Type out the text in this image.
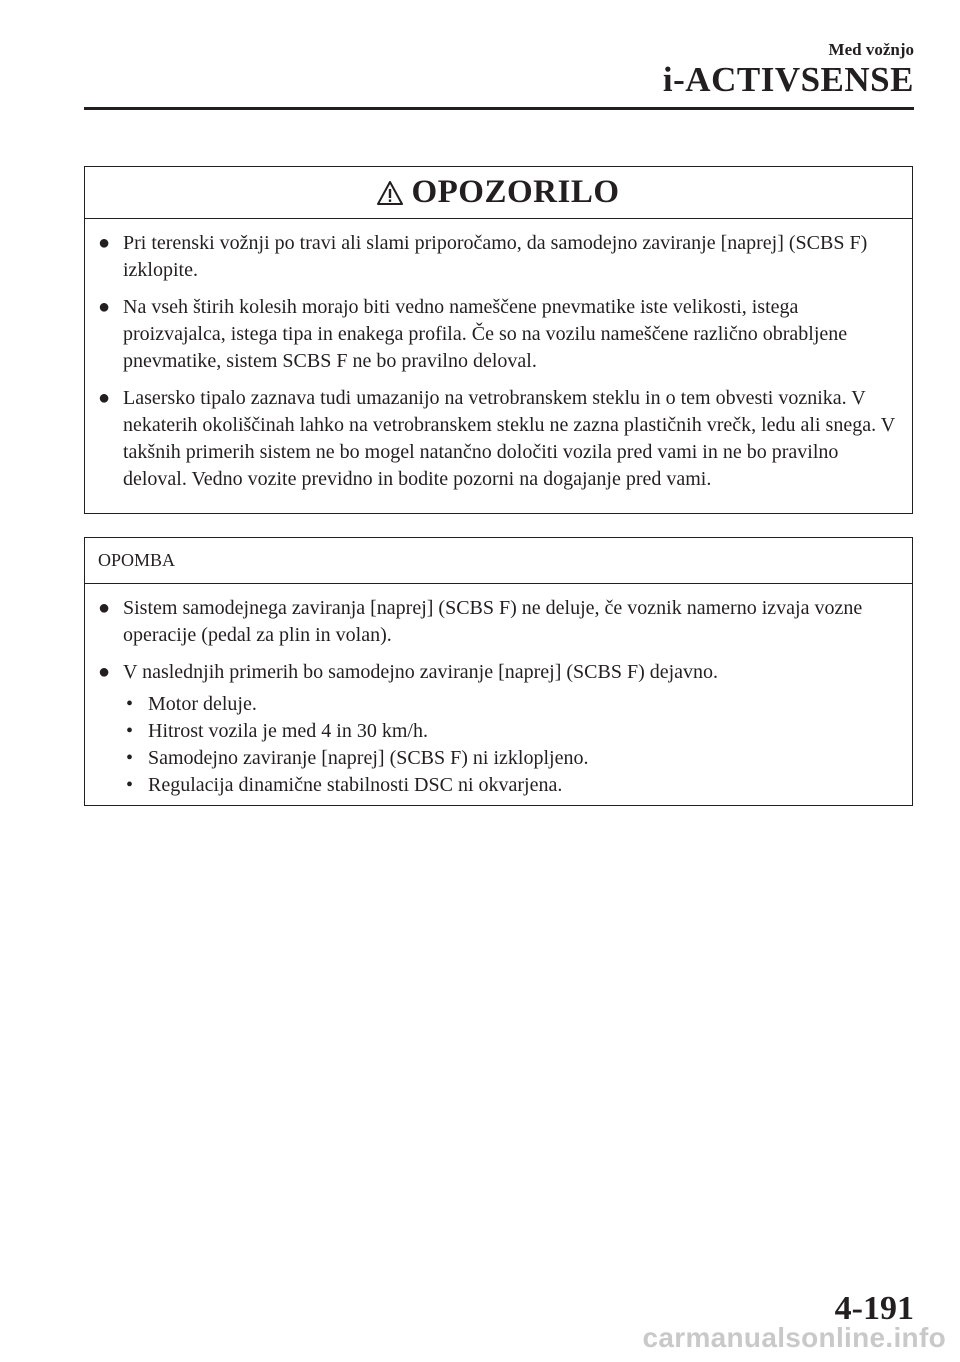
Med vožnjo
i-ACTIVSENSE
OPOZORILO
● Pri terenski vožnji po travi ali slami priporočamo, da samodejno zaviranje [naprej] (SCBS F) izklopite.
● Na vseh štirih kolesih morajo biti vedno nameščene pnevmatike iste velikosti, istega proizvajalca, istega tipa in enakega profila. Če so na vozilu nameščene različno obrabljene pnevmatike, sistem SCBS F ne bo pravilno deloval.
● Lasersko tipalo zaznava tudi umazanijo na vetrobranskem steklu in o tem obvesti voznika. V nekaterih okoliščinah lahko na vetrobranskem steklu ne zazna plastičnih vrečk, ledu ali snega. V takšnih primerih sistem ne bo mogel natančno določiti vozila pred vami in ne bo pravilno deloval. Vedno vozite previdno in bodite pozorni na dogajanje pred vami.
OPOMBA
● Sistem samodejnega zaviranja [naprej] (SCBS F) ne deluje, če voznik namerno izvaja vozne operacije (pedal za plin in volan).
● V naslednjih primerih bo samodejno zaviranje [naprej] (SCBS F) dejavno.
• Motor deluje.
• Hitrost vozila je med 4 in 30 km/h.
• Samodejno zaviranje [naprej] (SCBS F) ni izklopljeno.
• Regulacija dinamične stabilnosti DSC ni okvarjena.
4-191
carmanualsonline.info
